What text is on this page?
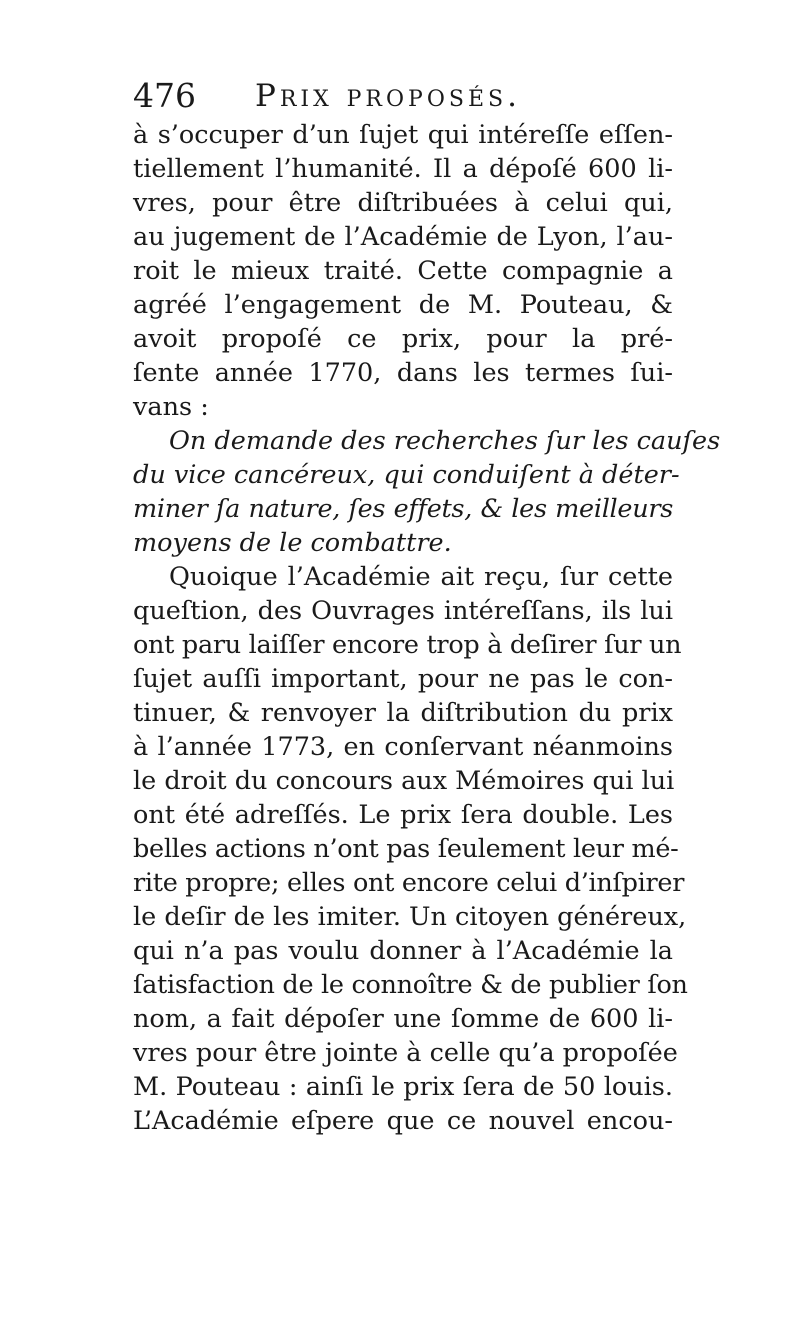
476 Prix proposés.
à s’occuper d’un ſujet qui intéreſſe eſſen-
tiellement l’humanité. Il a dépoſé 600 li-
vres, pour être diſtribuées à celui qui,
au jugement de l’Académie de Lyon, l’au-
roit le mieux traité. Cette compagnie a
agréé l’engagement de M. Pouteau, &
avoit propoſé ce prix, pour la pré-
ſente année 1770, dans les termes ſui-
vans :
On demande des recherches ſur les cauſes
du vice cancéreux, qui conduiſent à déter-
miner ſa nature, ſes effets, & les meilleurs
moyens de le combattre.
Quoique l’Académie ait reçu, ſur cette
queſtion, des Ouvrages intéreſſans, ils lui
ont paru laiſſer encore trop à deſirer ſur un
ſujet auſſi important, pour ne pas le con-
tinuer, & renvoyer la diſtribution du prix
à l’année 1773, en conſervant néanmoins
le droit du concours aux Mémoires qui lui
ont été adreſſés. Le prix ſera double. Les
belles actions n’ont pas ſeulement leur mé-
rite propre; elles ont encore celui d’inſpirer
le deſir de les imiter. Un citoyen généreux,
qui n’a pas voulu donner à l’Académie la
ſatisfaction de le connoître & de publier ſon
nom, a fait dépoſer une ſomme de 600 li-
vres pour être jointe à celle qu’a propoſée
M. Pouteau : ainſi le prix ſera de 50 louis.
L’Académie eſpere que ce nouvel encou-
